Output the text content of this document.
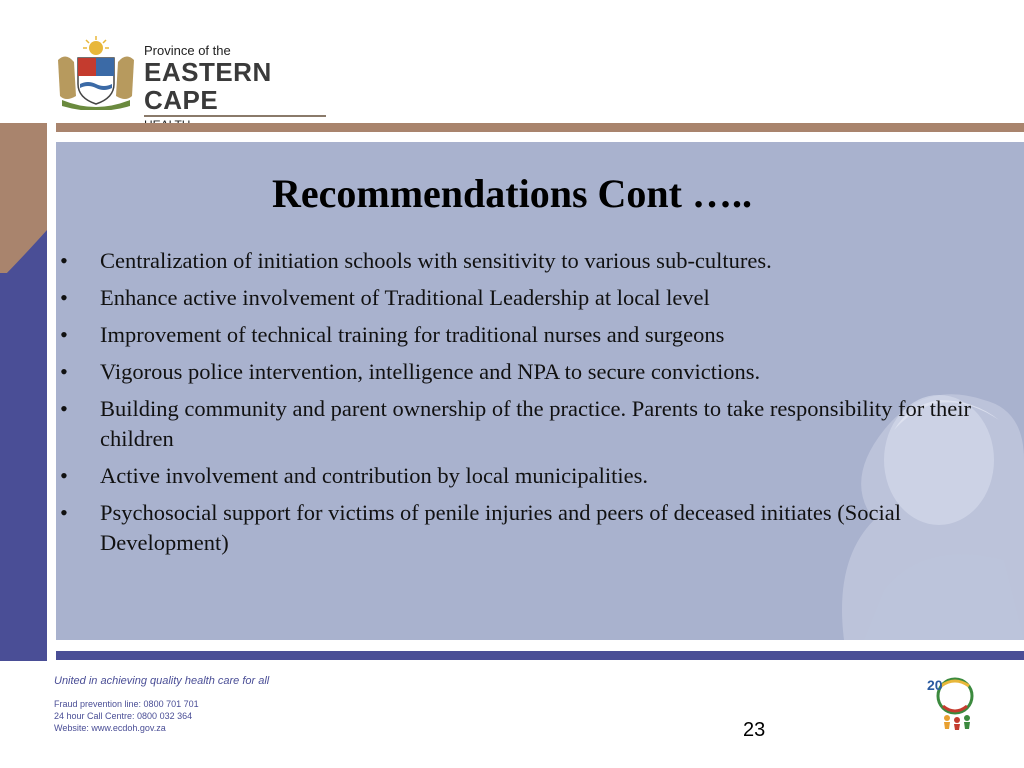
Province of the
EASTERN CAPE
Recommendations Cont …..
• Centralization of initiation schools with sensitivity to various sub-cultures.
• Enhance active involvement of Traditional Leadership at local level
• Improvement of technical training for traditional nurses and surgeons
• Vigorous police intervention, intelligence and NPA to secure convictions.
• Building community and parent ownership of the practice. Parents to take responsibility for their children
• Active involvement and contribution by local municipalities.
• Psychosocial support for victims of penile injuries and peers of deceased initiates (Social Development)
United in achieving quality health care for all
Fraud prevention line: 0800 701 701
24 hour Call Centre: 0800 032 364
Website: www.ecdoh.gov.za	23
20
